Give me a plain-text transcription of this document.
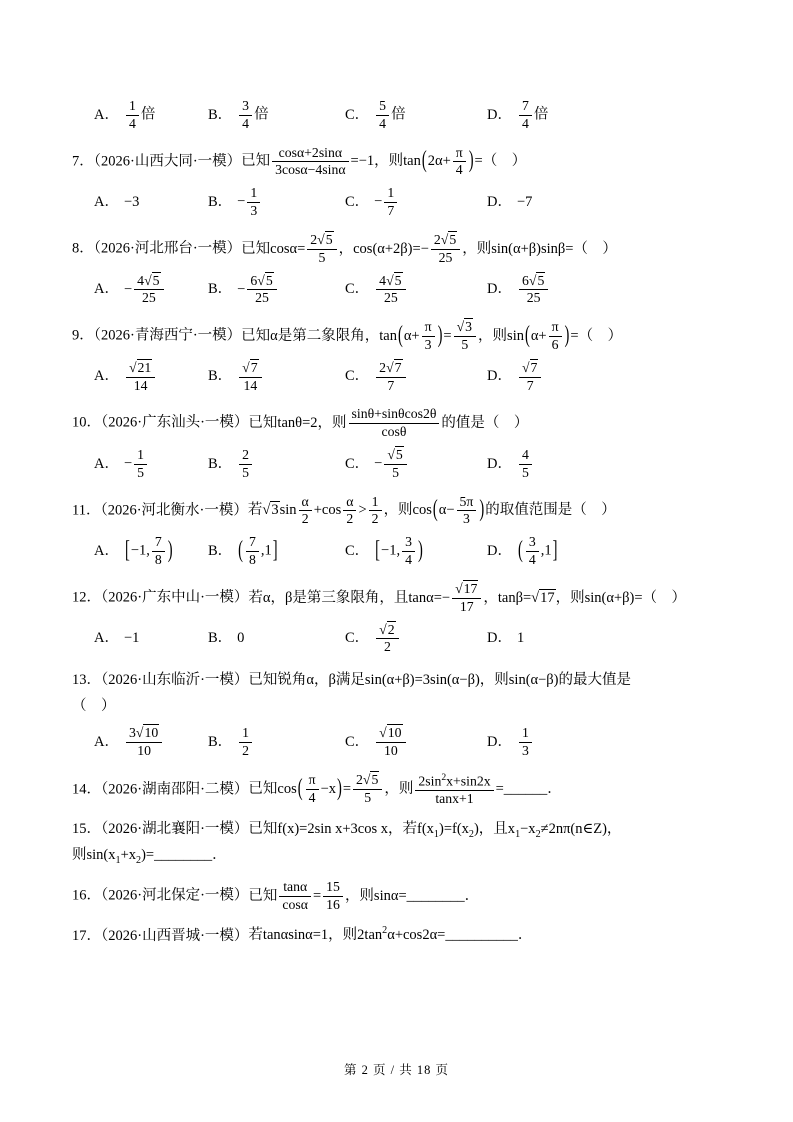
A． $\frac{1}{4}$ 倍	B． $\frac{3}{4}$ 倍	C． $\frac{5}{4}$ 倍	D． $\frac{7}{4}$ 倍
7．（2026·山西大同·一模）已知 $\frac{\cos\alpha+2\sin\alpha}{3\cos\alpha-4\sin\alpha} =-1$，则$\tan(2\alpha+ \frac{\pi}{4}$ )=（　）
A． −3	B． − $\frac{1}{3}$	C． − $\frac{1}{7}$	D． −7
8．（2026·河北邢台·一模）已知$\cos\alpha= \frac{2√5}{5}$ ，$\cos(\alpha+2\beta)=- \frac{2√5}{25}$ ，则sin(α+β)sinβ=（　）
A． − $\frac{4√5}{25}$	B． − $\frac{6√5}{25}$	C． $\frac{4√5}{25}$	D． $\frac{6√5}{25}$
9．（2026·青海西宁·一模）已知α是第二象限角，$\tan(\alpha+ \frac{\pi}{3}$ )= $\frac{√3}{5}$ ，则$\sin(\alpha+ \frac{\pi}{6}$ )=（　）
A． $\frac{√21}{14}$	B． $\frac{√7}{14}$	C． $\frac{2√7}{7}$	D． $\frac{√7}{7}$
10．（2026·广东汕头·一模）已知tanθ=2，则 $\frac{\sin\theta+\sin\theta\cos 2\theta}{\cos\theta}$ 的值是（　）
A． − $\frac{1}{5}$	B． $\frac{2}{5}$	C． − $\frac{√5}{5}$	D． $\frac{4}{5}$
11．（2026·河北衡水·一模）若$√3\sin \frac{\alpha}{2} +\cos \frac{\alpha}{2} > \frac{1}{2}$ ，则$\cos(\alpha- \frac{5\pi}{3}$ )的取值范围是（　）
A． [−1, $\frac{7}{8}$ ) B． ( $\frac{7}{8} ,1$]	C． [−1, $\frac{3}{4}$ )	D． ( $\frac{3}{4} ,1$]
12．（2026·广东中山·一模）若α，β是第三象限角，且$\tan\alpha=- \frac{√17}{17}$ ，tanβ=√17，则sin(α+β)=（　）
A． −1	B． 0	C． $\frac{√2}{2}$	D． 1
13．（2026·山东临沂·一模）已知锐角α，β满足sin(α+β)=3sin(α−β)，则sin(α−β)的最大值是
（　）
A． $\frac{3√10}{10}$	B． $\frac{1}{2}$	C． $\frac{√10}{10}$	D． $\frac{1}{3}$
14．（2026·湖南邵阳·二模）已知$\cos( \frac{\pi}{4} -x)= \frac{2√5}{5}$ ，则 $\frac{2\sin^2x+\sin 2x}{\tan x+1}$ =______．
15．（2026·湖北襄阳·一模）已知f(x)=2sin x+3cos x，若$f(x_1)=f(x_2)$，且$x_1-x_2\ne 2n\pi(n\in Z)$，
则$\sin(x_1+x_2)=\_\_\_\_\_\_\_\_$．
16．（2026·河北保定·一模）已知 $\frac{\tan\alpha}{\cos\alpha} = \frac{15}{16}$ ，则sinα=________．
17．（2026·山西晋城·一模）若tanαsinα=1，则$2\tan^2\alpha+\cos 2\alpha=\_\_\_\_\_\_\_\_\_\_$．
第 2 页 / 共 18 页
